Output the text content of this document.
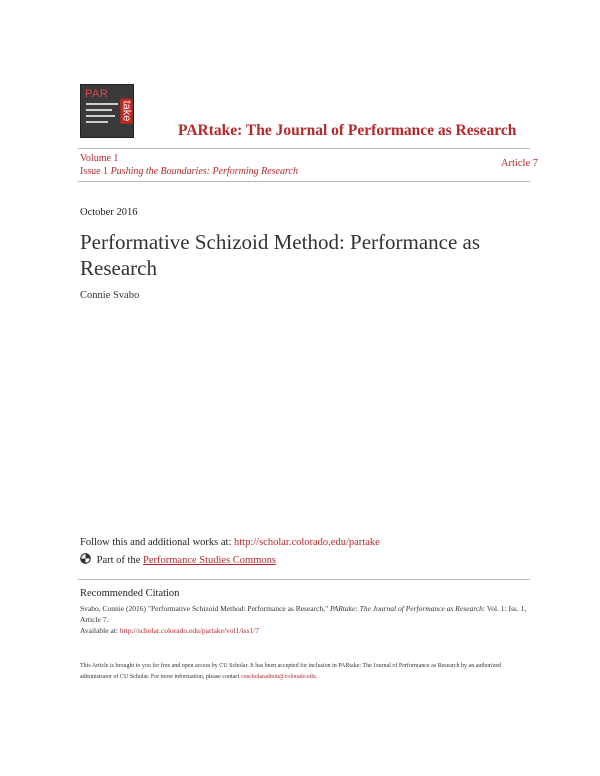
PAR
take
PARtake: The Journal of Performance as Research
Volume 1
Issue 1 Pushing the Boundaries: Performing Research
Article 7
October 2016
Performative Schizoid Method: Performance as Research
Connie Svabo
Follow this and additional works at: http://scholar.colorado.edu/partake
Part of the Performance Studies Commons
Recommended Citation
Svabo, Connie (2016) "Performative Schizoid Method: Performance as Research," PARtake: The Journal of Performance as Research: Vol. 1: Iss. 1, Article 7.
Available at: http://scholar.colorado.edu/partake/vol1/iss1/7
This Article is brought to you for free and open access by CU Scholar. It has been accepted for inclusion in PARtake: The Journal of Performance as Research by an authorized administrator of CU Scholar. For more information, please contact cuscholaradmin@colorado.edu.
